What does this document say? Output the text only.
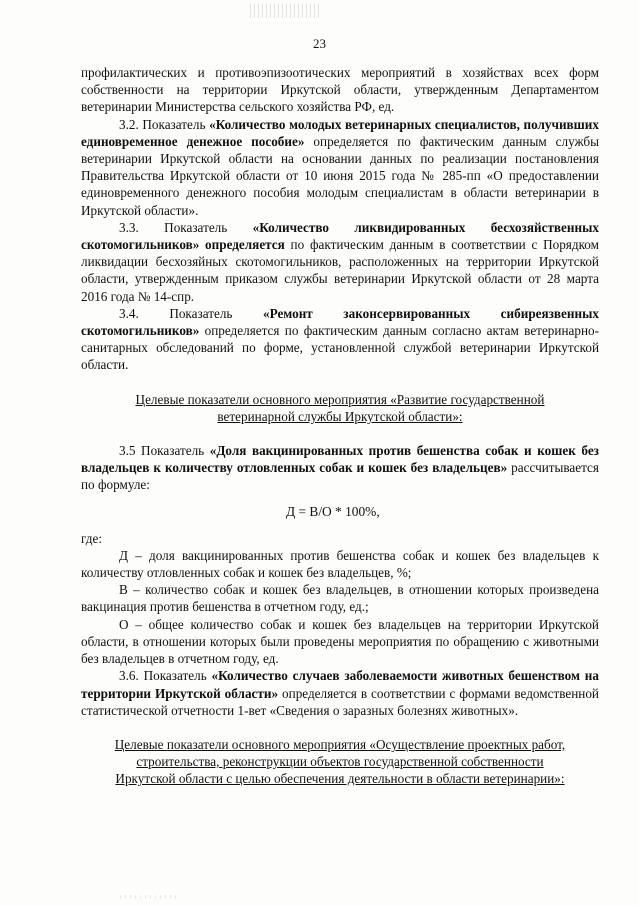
23

профилактических и противоэпизоотических мероприятий в хозяйствах всех форм собственности на территории Иркутской области, утвержденным Департаментом ветеринарии Министерства сельского хозяйства РФ, ед.

3.2. Показатель «Количество молодых ветеринарных специалистов, получивших единовременное денежное пособие» определяется по фактическим данным службы ветеринарии Иркутской области на основании данных по реализации постановления Правительства Иркутской области от 10 июня 2015 года № 285-пп «О предоставлении единовременного денежного пособия молодым специалистам в области ветеринарии в Иркутской области».

3.3. Показатель «Количество ликвидированных бесхозяйственных скотомогильников» определяется по фактическим данным в соответствии с Порядком ликвидации бесхозяйных скотомогильников, расположенных на территории Иркутской области, утвержденным приказом службы ветеринарии Иркутской области от 28 марта 2016 года № 14-спр.

3.4. Показатель «Ремонт законсервированных сибиреязвенных скотомогильников» определяется по фактическим данным согласно актам ветеринарно-санитарных обследований по форме, установленной службой ветеринарии Иркутской области.

Целевые показатели основного мероприятия «Развитие государственной
ветеринарной службы Иркутской области»:

3.5 Показатель «Доля вакцинированных против бешенства собак и кошек без владельцев к количеству отловленных собак и кошек без владельцев» рассчитывается по формуле:

Д = В/О * 100%,

где:

Д – доля вакцинированных против бешенства собак и кошек без владельцев к количеству отловленных собак и кошек без владельцев, %;

В – количество собак и кошек без владельцев, в отношении которых произведена вакцинация против бешенства в отчетном году, ед.;

О – общее количество собак и кошек без владельцев на территории Иркутской области, в отношении которых были проведены мероприятия по обращению с животными без владельцев в отчетном году, ед.

3.6. Показатель «Количество случаев заболеваемости животных бешенством на территории Иркутской области» определяется в соответствии с формами ведомственной статистической отчетности 1-вет «Сведения о заразных болезнях животных».

Целевые показатели основного мероприятия «Осуществление проектных работ,
строительства, реконструкции объектов государственной собственности
Иркутской области с целью обеспечения деятельности в области ветеринарии»:
